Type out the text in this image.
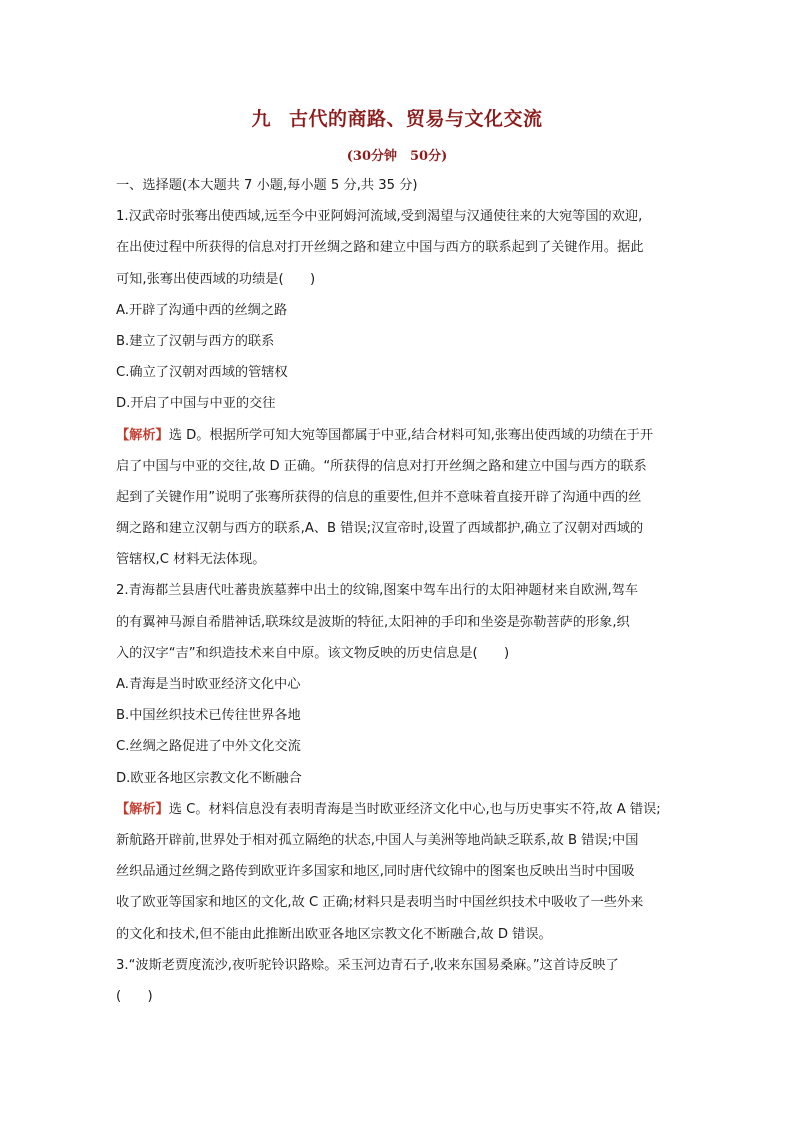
九 古代的商路、贸易与文化交流
(30分钟　50分)
一、选择题(本大题共 7 小题,每小题 5 分,共 35 分)
1.汉武帝时张骞出使西域,远至今中亚阿姆河流域,受到渴望与汉通使往来的大宛等国的欢迎,
在出使过程中所获得的信息对打开丝绸之路和建立中国与西方的联系起到了关键作用。据此
可知,张骞出使西域的功绩是(　　)
A.开辟了沟通中西的丝绸之路
B.建立了汉朝与西方的联系
C.确立了汉朝对西域的管辖权
D.开启了中国与中亚的交往
【解析】选 D。根据所学可知大宛等国都属于中亚,结合材料可知,张骞出使西域的功绩在于开
启了中国与中亚的交往,故 D 正确。“所获得的信息对打开丝绸之路和建立中国与西方的联系
起到了关键作用”说明了张骞所获得的信息的重要性,但并不意味着直接开辟了沟通中西的丝
绸之路和建立汉朝与西方的联系,A、B 错误;汉宣帝时,设置了西域都护,确立了汉朝对西域的
管辖权,C 材料无法体现。
2.青海都兰县唐代吐蕃贵族墓葬中出土的纹锦,图案中驾车出行的太阳神题材来自欧洲,驾车
的有翼神马源自希腊神话,联珠纹是波斯的特征,太阳神的手印和坐姿是弥勒菩萨的形象,织
入的汉字“吉”和织造技术来自中原。该文物反映的历史信息是(　　)
A.青海是当时欧亚经济文化中心
B.中国丝织技术已传往世界各地
C.丝绸之路促进了中外文化交流
D.欧亚各地区宗教文化不断融合
【解析】选 C。材料信息没有表明青海是当时欧亚经济文化中心,也与历史事实不符,故 A 错误;
新航路开辟前,世界处于相对孤立隔绝的状态,中国人与美洲等地尚缺乏联系,故 B 错误;中国
丝织品通过丝绸之路传到欧亚许多国家和地区,同时唐代纹锦中的图案也反映出当时中国吸
收了欧亚等国家和地区的文化,故 C 正确;材料只是表明当时中国丝织技术中吸收了一些外来
的文化和技术,但不能由此推断出欧亚各地区宗教文化不断融合,故 D 错误。
3.“波斯老贾度流沙,夜听驼铃识路赊。采玉河边青石子,收来东国易桑麻。”这首诗反映了
(　　)
